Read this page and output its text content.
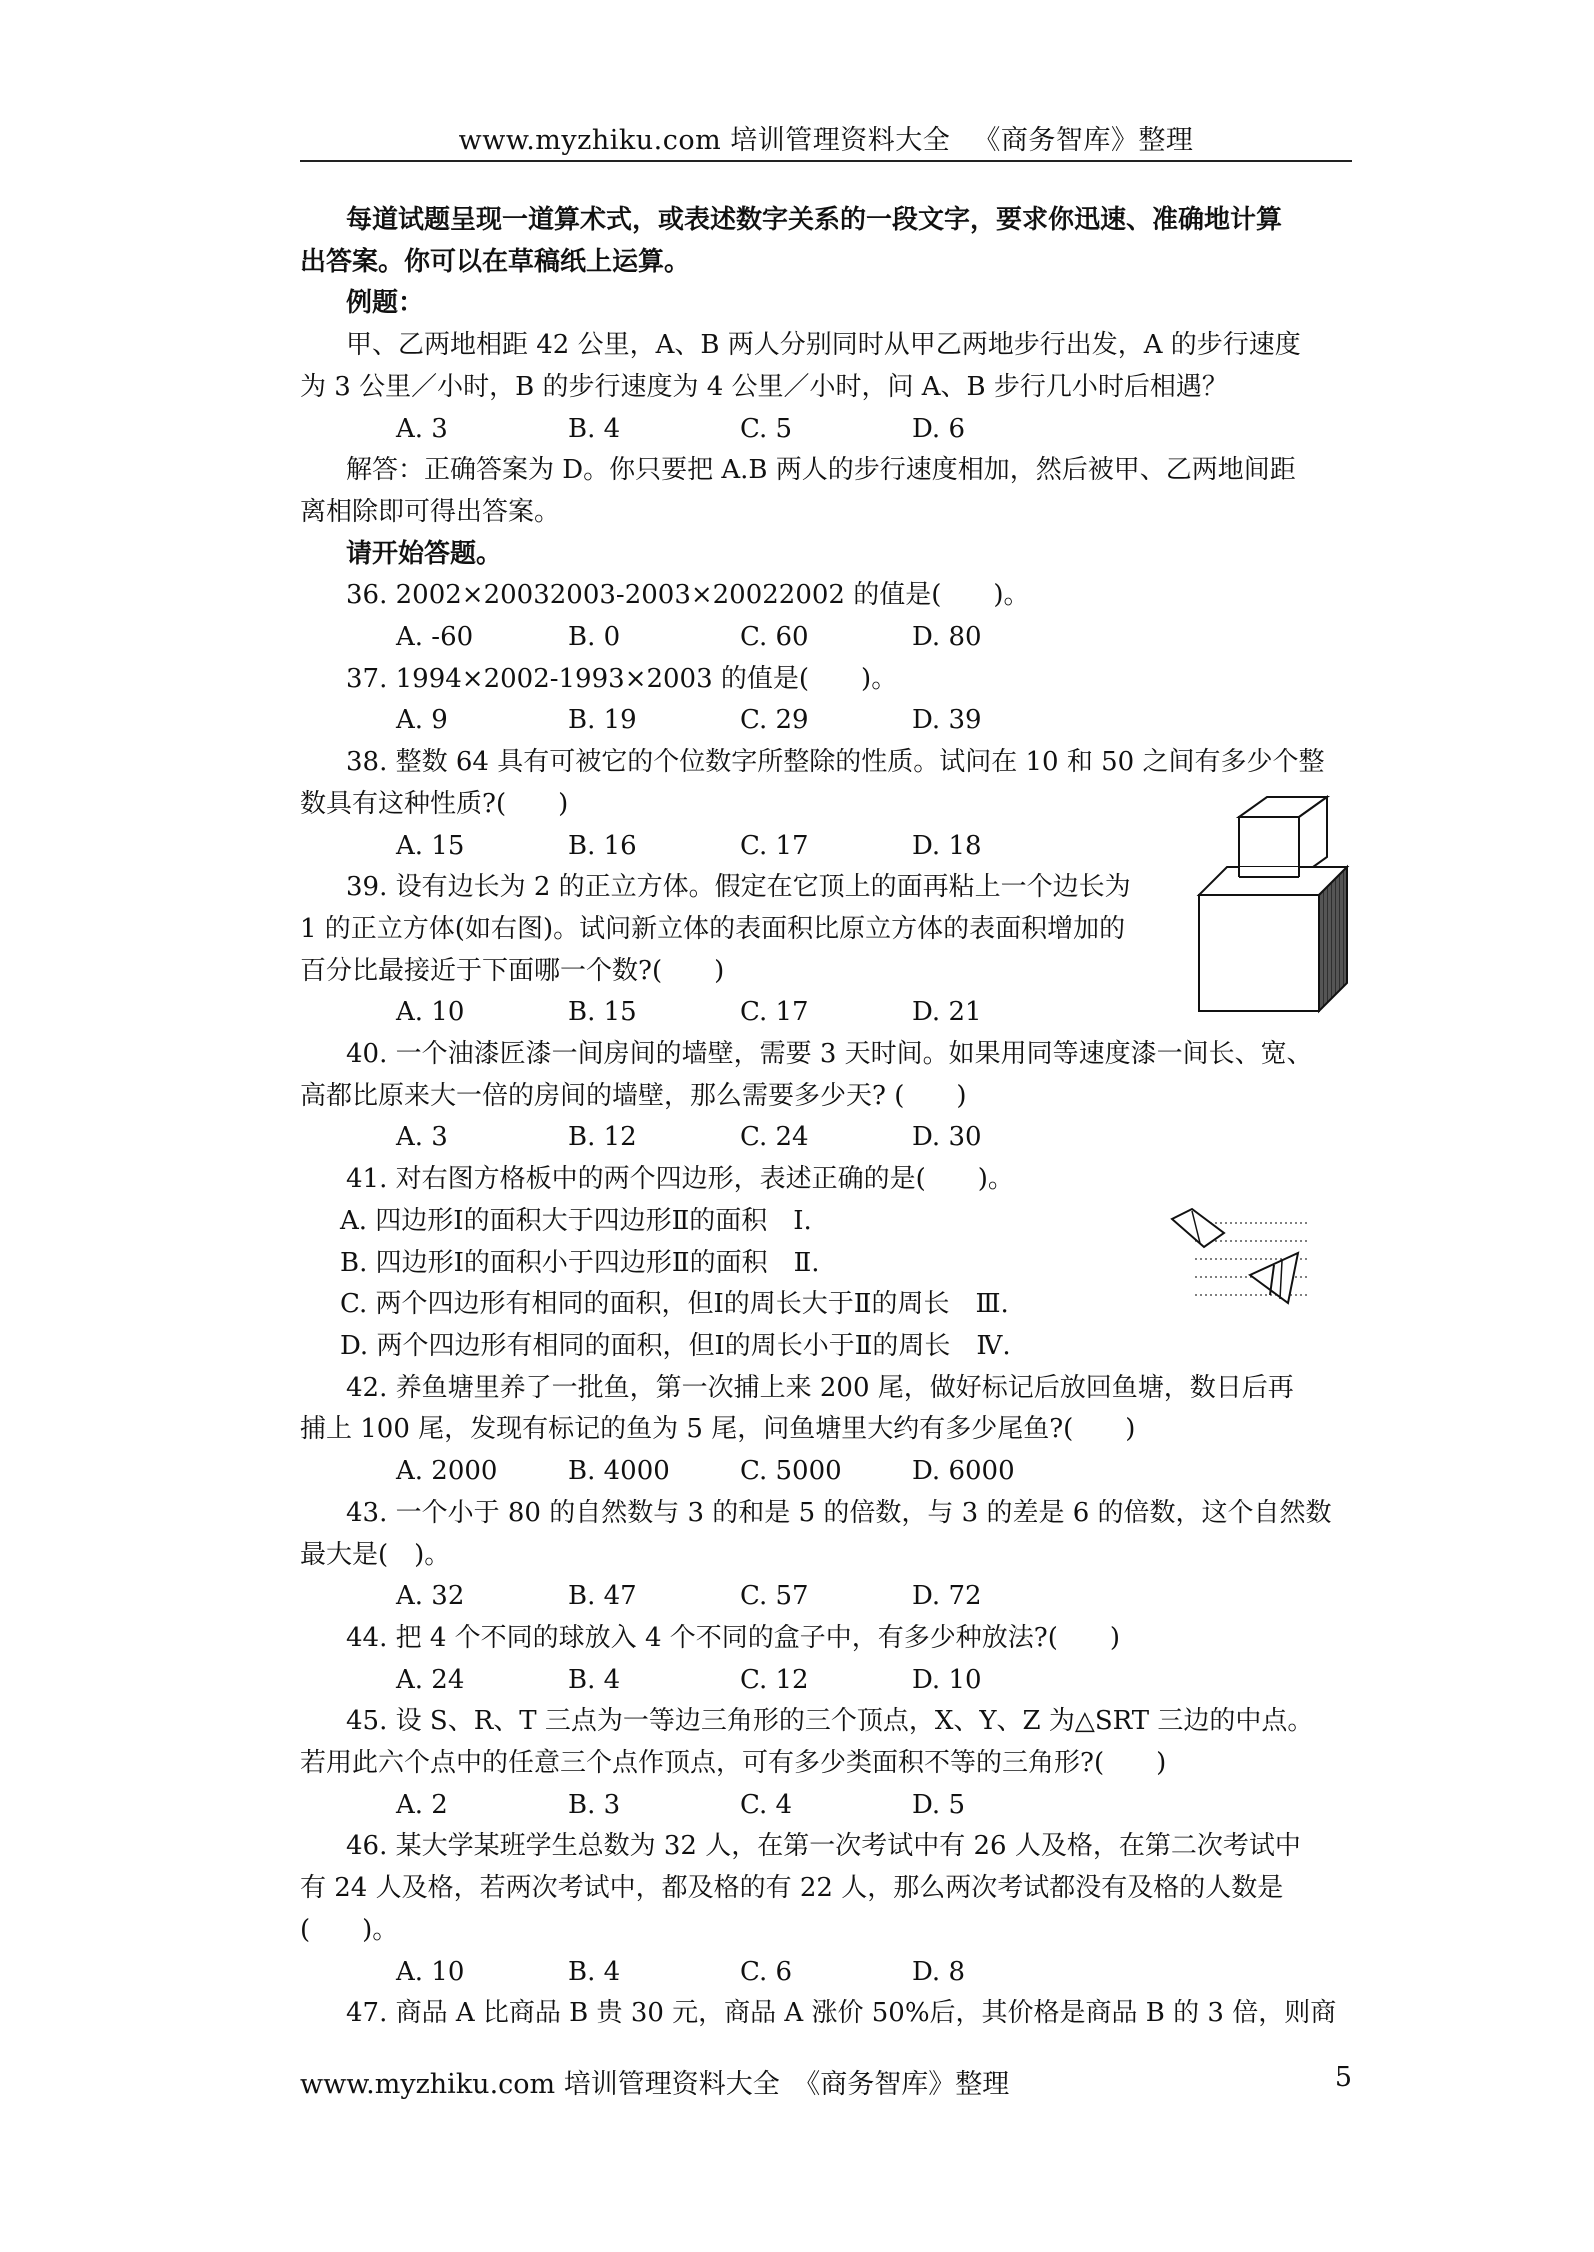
www.myzhiku.com 培训管理资料大全 　《商务智库》整理
每道试题呈现一道算术式，或表述数字关系的一段文字，要求你迅速、准确地计算
出答案。你可以在草稿纸上运算。
例题：
甲、乙两地相距 42 公里，A、B 两人分别同时从甲乙两地步行出发，A 的步行速度
为 3 公里／小时，B 的步行速度为 4 公里／小时，问 A、B 步行几小时后相遇？
A. 3	B. 4	C. 5	D. 6
解答：正确答案为 D。你只要把 A.B 两人的步行速度相加，然后被甲、乙两地间距
离相除即可得出答案。
请开始答题。
36. 2002×20032003-2003×20022002 的值是(　　)。
A. -60	B. 0	C. 60	D. 80
37. 1994×2002-1993×2003 的值是(　　)。
A. 9	B. 19	C. 29	D. 39
38. 整数 64 具有可被它的个位数字所整除的性质。试问在 10 和 50 之间有多少个整
数具有这种性质?(　　)
A. 15	B. 16	C. 17	D. 18
39. 设有边长为 2 的正立方体。假定在它顶上的面再粘上一个边长为
1 的正立方体(如右图)。试问新立体的表面积比原立方体的表面积增加的
百分比最接近于下面哪一个数?(　　)
A. 10	B. 15	C. 17	D. 21
40. 一个油漆匠漆一间房间的墙壁，需要 3 天时间。如果用同等速度漆一间长、宽、
高都比原来大一倍的房间的墙壁，那么需要多少天? (　　)
A. 3	B. 12	C. 24	D. 30
41. 对右图方格板中的两个四边形，表述正确的是(　　)。
A. 四边形Ⅰ的面积大于四边形Ⅱ的面积　Ⅰ.
B. 四边形Ⅰ的面积小于四边形Ⅱ的面积　Ⅱ.
C. 两个四边形有相同的面积，但Ⅰ的周长大于Ⅱ的周长　Ⅲ.
D. 两个四边形有相同的面积，但Ⅰ的周长小于Ⅱ的周长　Ⅳ.
42. 养鱼塘里养了一批鱼，第一次捕上来 200 尾，做好标记后放回鱼塘，数日后再
捕上 100 尾，发现有标记的鱼为 5 尾，问鱼塘里大约有多少尾鱼?(　　)
A. 2000	B. 4000	C. 5000	D. 6000
43. 一个小于 80 的自然数与 3 的和是 5 的倍数，与 3 的差是 6 的倍数，这个自然数
最大是(　)。
A. 32	B. 47	C. 57	D. 72
44. 把 4 个不同的球放入 4 个不同的盒子中，有多少种放法?(　　)
A. 24	B. 4	C. 12	D. 10
45. 设 S、R、T 三点为一等边三角形的三个顶点，X、Y、Z 为△SRT 三边的中点。
若用此六个点中的任意三个点作顶点，可有多少类面积不等的三角形?(　　)
A. 2	B. 3	C. 4	D. 5
46. 某大学某班学生总数为 32 人，在第一次考试中有 26 人及格，在第二次考试中
有 24 人及格，若两次考试中，都及格的有 22 人，那么两次考试都没有及格的人数是
(　　)。
A. 10	B. 4	C. 6	D. 8
47. 商品 A 比商品 B 贵 30 元，商品 A 涨价 50%后，其价格是商品 B 的 3 倍，则商
www.myzhiku.com 培训管理资料大全　《商务智库》整理	5
